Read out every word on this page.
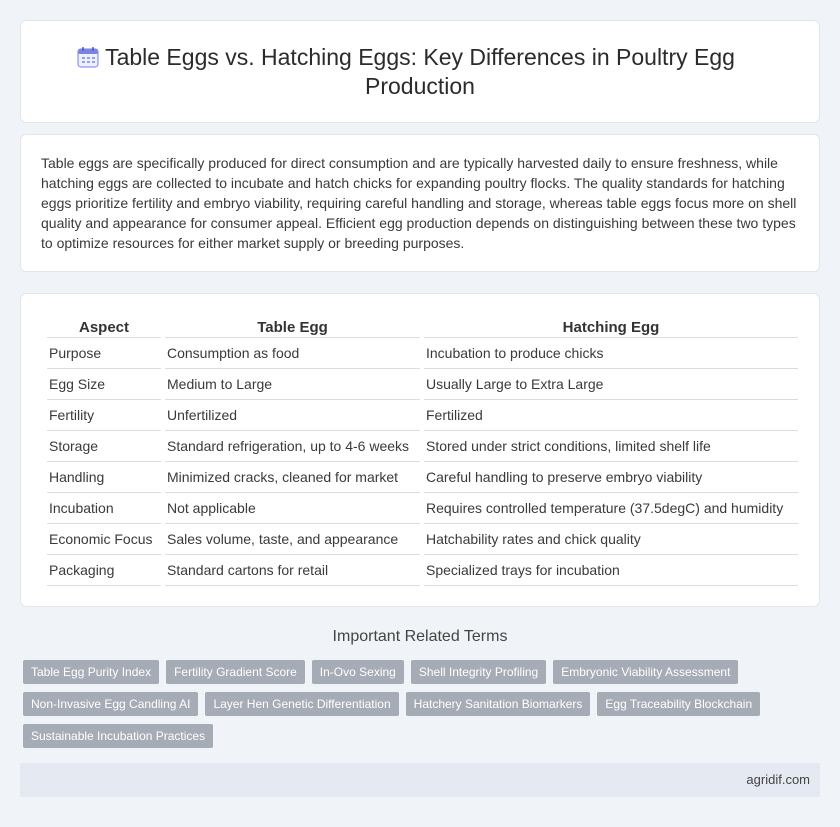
Table Eggs vs. Hatching Eggs: Key Differences in Poultry Egg Production

Table eggs are specifically produced for direct consumption and are typically harvested daily to ensure freshness, while hatching eggs are collected to incubate and hatch chicks for expanding poultry flocks. The quality standards for hatching eggs prioritize fertility and embryo viability, requiring careful handling and storage, whereas table eggs focus more on shell quality and appearance for consumer appeal. Efficient egg production depends on distinguishing between these two types to optimize resources for either market supply or breeding purposes.

Aspect	Table Egg	Hatching Egg
Purpose	Consumption as food	Incubation to produce chicks
Egg Size	Medium to Large	Usually Large to Extra Large
Fertility	Unfertilized	Fertilized
Storage	Standard refrigeration, up to 4-6 weeks	Stored under strict conditions, limited shelf life
Handling	Minimized cracks, cleaned for market	Careful handling to preserve embryo viability
Incubation	Not applicable	Requires controlled temperature (37.5degC) and humidity
Economic Focus	Sales volume, taste, and appearance	Hatchability rates and chick quality
Packaging	Standard cartons for retail	Specialized trays for incubation
Important Related Terms
Table Egg Purity Index	Fertility Gradient Score	In-Ovo Sexing	Shell Integrity Profiling	Embryonic Viability Assessment
Non-Invasive Egg Candling AI	Layer Hen Genetic Differentiation	Hatchery Sanitation Biomarkers	Egg Traceability Blockchain
Sustainable Incubation Practices
agridif.com
